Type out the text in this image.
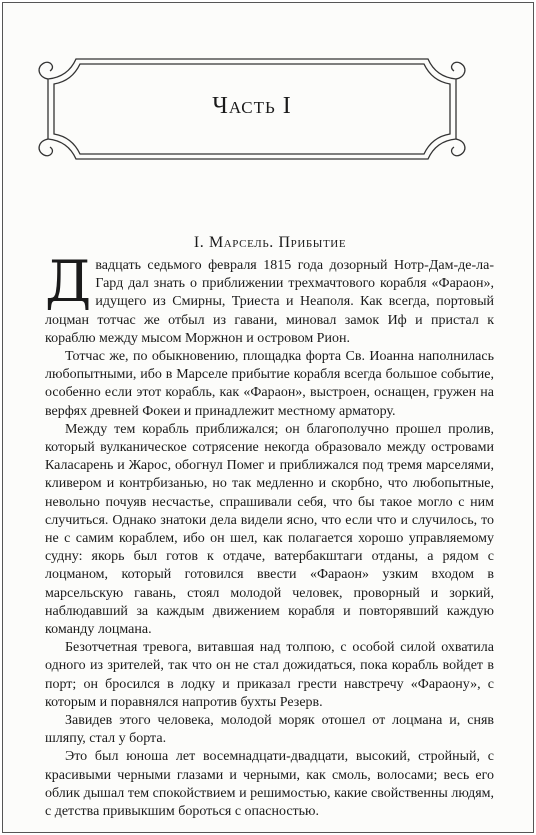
Часть I
I. Марсель. Прибытие

Двадцать седьмого февраля 1815 года дозорный Нотр-Дам-де-ла-Гард дал знать о приближении трехмачтового корабля «Фараон», идущего из Смирны, Триеста и Неаполя. Как всегда, портовый лоцман тотчас же отбыл из гавани, миновал замок Иф и пристал к кораблю между мысом Моржнон и островом Рион.

Тотчас же, по обыкновению, площадка форта Св. Иоанна наполнилась любопытными, ибо в Марселе прибытие корабля всегда большое событие, особенно если этот корабль, как «Фараон», выстроен, оснащен, гружен на верфях древней Фокеи и принадлежит местному арматору.

Между тем корабль приближался; он благополучно прошел пролив, который вулканическое сотрясение некогда образовало между островами Каласарень и Жарос, обогнул Помег и приближался под тремя марселями, кливером и контрбизанью, но так медленно и скорбно, что любопытные, невольно почуяв несчастье, спрашивали себя, что бы такое могло с ним случиться. Однако знатоки дела видели ясно, что если что и случилось, то не с самим кораблем, ибо он шел, как полагается хорошо управляемому судну: якорь был готов к отдаче, ватербакштаги отданы, а рядом с лоцманом, который готовился ввести «Фараон» узким входом в марсельскую гавань, стоял молодой человек, проворный и зоркий, наблюдавший за каждым движением корабля и повторявший каждую команду лоцмана.

Безотчетная тревога, витавшая над толпою, с особой силой охватила одного из зрителей, так что он не стал дожидаться, пока корабль войдет в порт; он бросился в лодку и приказал грести навстречу «Фараону», с которым и поравнялся напротив бухты Резерв.

Завидев этого человека, молодой моряк отошел от лоцмана и, сняв шляпу, стал у борта.

Это был юноша лет восемнадцати-двадцати, высокий, стройный, с красивыми черными глазами и черными, как смоль, волосами; весь его облик дышал тем спокойствием и решимостью, какие свойственны людям, с детства привыкшим бороться с опасностью.
